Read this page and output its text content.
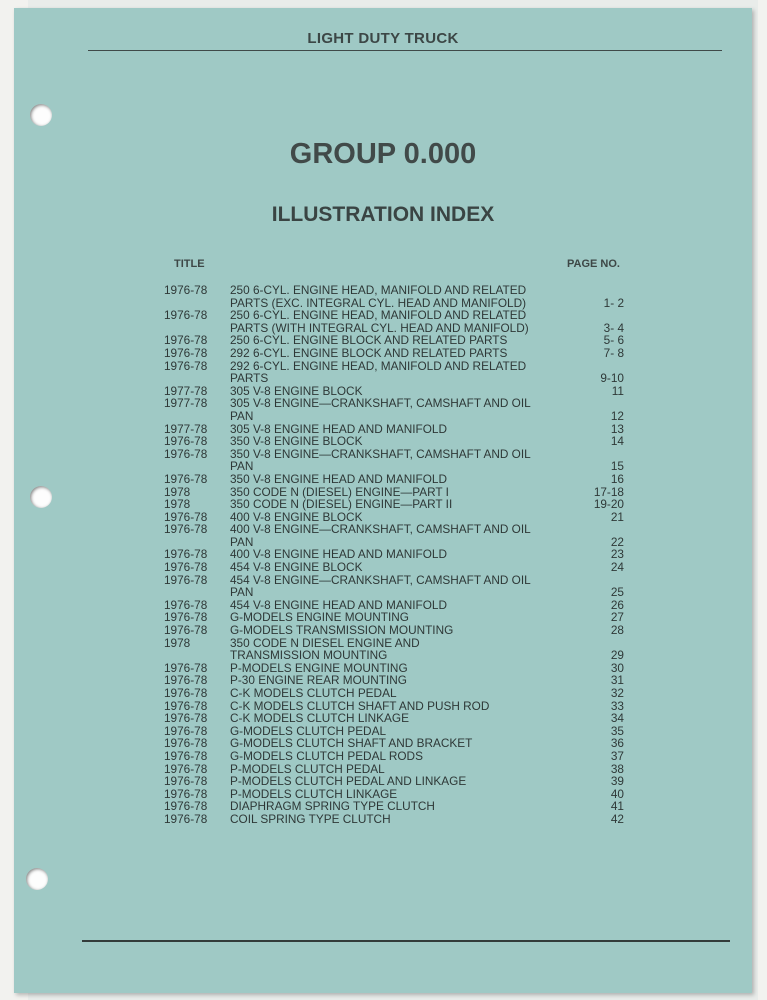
LIGHT DUTY TRUCK
GROUP 0.000
ILLUSTRATION INDEX
TITLE	PAGE NO.
1976-78	250 6-CYL. ENGINE HEAD, MANIFOLD AND RELATED
PARTS (EXC. INTEGRAL CYL. HEAD AND MANIFOLD)	1- 2
1976-78	250 6-CYL. ENGINE HEAD, MANIFOLD AND RELATED
PARTS (WITH INTEGRAL CYL. HEAD AND MANIFOLD)	3- 4
1976-78	250 6-CYL. ENGINE BLOCK AND RELATED PARTS	5- 6
1976-78	292 6-CYL. ENGINE BLOCK AND RELATED PARTS	7- 8
1976-78	292 6-CYL. ENGINE HEAD, MANIFOLD AND RELATED
PARTS	9-10
1977-78	305 V-8 ENGINE BLOCK	11
1977-78	305 V-8 ENGINE—CRANKSHAFT, CAMSHAFT AND OIL
PAN	12
1977-78	305 V-8 ENGINE HEAD AND MANIFOLD	13
1976-78	350 V-8 ENGINE BLOCK	14
1976-78	350 V-8 ENGINE—CRANKSHAFT, CAMSHAFT AND OIL
PAN	15
1976-78	350 V-8 ENGINE HEAD AND MANIFOLD	16
1978	350 CODE N (DIESEL) ENGINE—PART I	17-18
1978	350 CODE N (DIESEL) ENGINE—PART II	19-20
1976-78	400 V-8 ENGINE BLOCK	21
1976-78	400 V-8 ENGINE—CRANKSHAFT, CAMSHAFT AND OIL
PAN	22
1976-78	400 V-8 ENGINE HEAD AND MANIFOLD	23
1976-78	454 V-8 ENGINE BLOCK	24
1976-78	454 V-8 ENGINE—CRANKSHAFT, CAMSHAFT AND OIL
PAN	25
1976-78	454 V-8 ENGINE HEAD AND MANIFOLD	26
1976-78	G-MODELS ENGINE MOUNTING	27
1976-78	G-MODELS TRANSMISSION MOUNTING	28
1978	350 CODE N DIESEL ENGINE AND
TRANSMISSION MOUNTING	29
1976-78	P-MODELS ENGINE MOUNTING	30
1976-78	P-30 ENGINE REAR MOUNTING	31
1976-78	C-K MODELS CLUTCH PEDAL	32
1976-78	C-K MODELS CLUTCH SHAFT AND PUSH ROD	33
1976-78	C-K MODELS CLUTCH LINKAGE	34
1976-78	G-MODELS CLUTCH PEDAL	35
1976-78	G-MODELS CLUTCH SHAFT AND BRACKET	36
1976-78	G-MODELS CLUTCH PEDAL RODS	37
1976-78	P-MODELS CLUTCH PEDAL	38
1976-78	P-MODELS CLUTCH PEDAL AND LINKAGE	39
1976-78	P-MODELS CLUTCH LINKAGE	40
1976-78	DIAPHRAGM SPRING TYPE CLUTCH	41
1976-78	COIL SPRING TYPE CLUTCH	42
